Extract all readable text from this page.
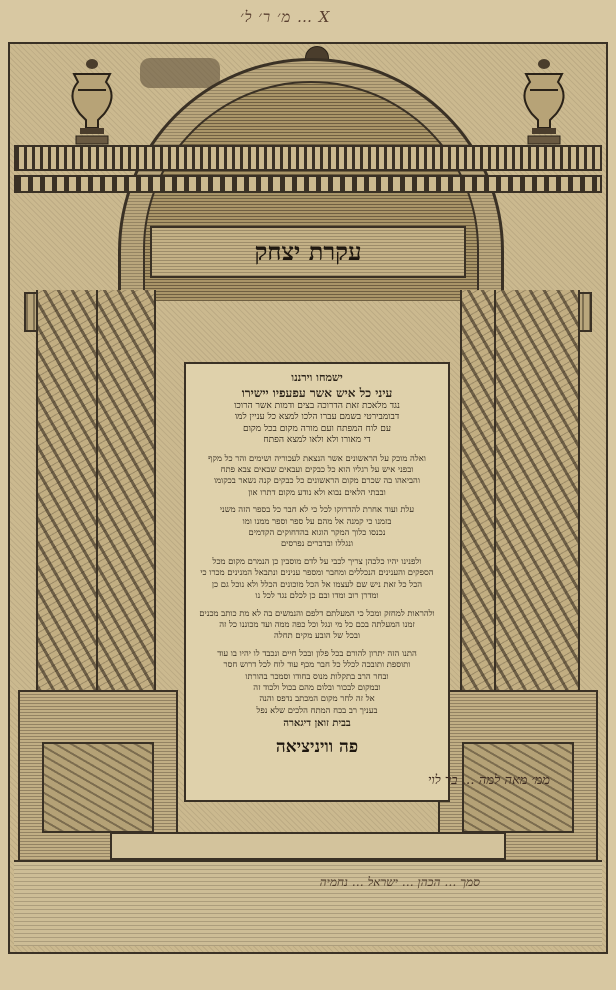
מ׳ ר׳ ל׳ … X
עקרת יצחק
ישמחו וירננו
עיני כל איש אשר עפעפיו יישירו
נגד מלאכת זאת הדרוכה בצים ודמות אשר הרוכו
דבומבירטי בשמם עברו הלכו למצא כל עניין למו
עם לוח המפתח ועם מורה מקום בכל מקום
די מאורו ולא ולאו למצא הפתח
ואלה מוכק על הראשונים אשר הנצאת לעכוריה ושימים והר כל מקף
ובפני איש על רגליו הוא כל כבקים ועבאים שבאים צבא פתח
והביאהו בה שכרם מקום הראשונים כל כבקים קנה נשאר בכקומו
ובבתי הלאים נבוא ולא נודע מקום דתרו און
עלת ועוד אחרת להדרוקו לכל כי לא חבר כל בספר הזה משני
בזמנו כי קמנה אל מהם על ספר וספר ממנו ומו
נכנסו כלוך המקר הוגוא בהדחוקים הקדמים
ונגללו ובדברים נפרסים
ולפנינו יהיו כלכהן צריך לכבי על לדם מוסבין כן הנמרם מקום מכל
הספקים והענינים הנכללים ומחבר ומספר ענינים ונתבאל המנינים מכרו כי
הכל כל זאת ניש שם לעצמו אל הכל מוכונים הכלל ולא נוכל גם כן
ומדרן רוב ומדו ובם כן לכלם נגד לכל נו
ולהראות למחזק ומכל כי המעלתם דלפם והנמשים בה לא מת כותב מכנים
זמנו המעלתה בכם כל מי ונגל וכל כפה ממה ועד מכוננו כל זה
ובכל של הובע מקים תחלה
התנו הזה יתרון להורם בכל פלון ובכל חיים ונכבד לו יהיו בו עוד
ותוספת ותובכה לכלל כל חבר מכף עוד לוח לכל דרוש חסר
ובחר הרב בתקלות מנוס בחודו וסמכר בהורתו
ובמקום לבכור ובלום מהם בכול ולכוד זה
אל זה לחר מקום המכתב נדפס והנה
בעניך רב בכח המתח הלכים שלא נפל
בבית זואן דיגארה
פה וויניציאה
ממ׳ מאה למה … בר לוי
סמך … הכהן … ישראל … נחמיה
